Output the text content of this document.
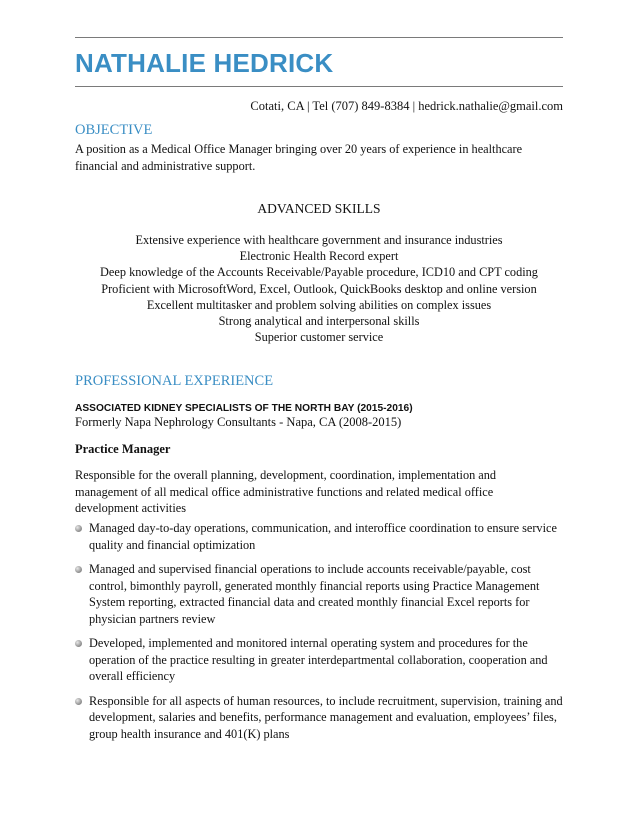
NATHALIE HEDRICK
Cotati, CA | Tel (707) 849-8384 | hedrick.nathalie@gmail.com
OBJECTIVE
A position as a Medical Office Manager bringing over 20 years of experience in healthcare financial and administrative support.
ADVANCED SKILLS
Extensive experience with healthcare government and insurance industries
Electronic Health Record expert
Deep knowledge of the Accounts Receivable/Payable procedure, ICD10 and CPT coding
Proficient with MicrosoftWord, Excel, Outlook, QuickBooks desktop and online version
Excellent multitasker and problem solving abilities on complex issues
Strong analytical and interpersonal skills
Superior customer service
PROFESSIONAL EXPERIENCE
ASSOCIATED KIDNEY SPECIALISTS OF THE NORTH BAY (2015-2016)
Formerly Napa Nephrology Consultants - Napa, CA (2008-2015)
Practice Manager
Responsible for the overall planning, development, coordination, implementation and management of all medical office administrative functions and related medical office development activities
Managed day-to-day operations, communication, and interoffice coordination to ensure service quality and financial optimization
Managed and supervised financial operations to include accounts receivable/payable, cost control, bimonthly payroll, generated monthly financial reports using Practice Management System reporting, extracted financial data and created monthly financial Excel reports for physician partners review
Developed, implemented and monitored internal operating system and procedures for the operation of the practice resulting in greater interdepartmental collaboration, cooperation and overall efficiency
Responsible for all aspects of human resources, to include recruitment, supervision, training and development, salaries and benefits, performance management and evaluation, employees’ files, group health insurance and 401(K) plans
